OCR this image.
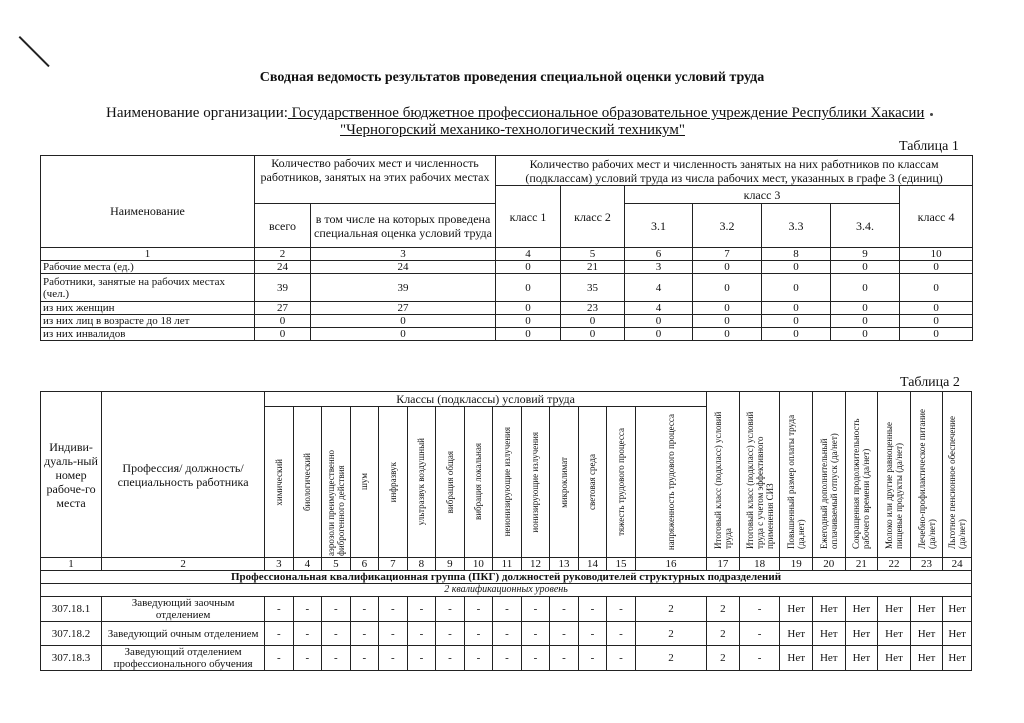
Сводная ведомость результатов проведения специальной оценки условий труда
Наименование организации: Государственное бюджетное профессиональное образовательное учреждение Республики Хакасии
"Черногорский механико-технологический техникум"
Таблица 1
Наименование	Количество рабочих мест и численность работников, занятых на этих рабочих местах		Количество рабочих мест и численность занятых на них работников по классам (подклассам) условий труда из числа рабочих мест, указанных в графе 3 (единиц)						
			класс 1	класс 2	класс 3				класс 4
	всего	в том числе на которых проведена специальная оценка условий труда			3.1	3.2	3.3	3.4.	
1	2	3	4	5	6	7	8	9	10
Рабочие места (ед.)	24	24	0	21	3	0	0	0	0
Работники, занятые на рабочих местах (чел.)	39	39	0	35	4	0	0	0	0
из них женщин	27	27	0	23	4	0	0	0	0
из них лиц в возрасте до 18 лет	0	0	0	0	0	0	0	0	0
из них инвалидов	0	0	0	0	0	0	0	0	0
Таблица 2
Индиви-дуаль-ный номер рабоче-го места	Профессия/ должность/ специальность работника	Классы (подклассы) условий труда														Итоговый класс (подкласс) условий труда	Итоговый класс (подкласс) условий труда с учетом эффективного применения СИЗ	Повышенный размер оплаты труда (да,нет)	Ежегодный дополнительный оплачиваемый отпуск (да/нет)	Сокращенная продолжительность рабочего времени (да/нет)	Молоко или другие равноценные пищевые продукты (да/нет)	Лечебно-профилактическое питание (да/нет)	Льготное пенсионное обеспечение (да/нет)

		химический	биологический	аэрозоли преимущественно фиброгенного действия	шум	инфразвук	ультразвук воздушный	вибрация общая	вибрация локальная	неионизирующие излучения	ионизирующие излучения	микроклимат	световая среда	тяжесть трудового процесса	напряженность трудового процесса								

1	2	3	4	5	6	7	8	9	10	11	12	13	14	15	16	17	18	19	20	21	22	23	24
Профессиональная квалификационная группа (ПКГ) должностей руководителей структурных подразделений																							
2 квалификационных уровень																							
307.18.1	Заведующий заочным отделением	-	-	-	-	-	-	-	-	-	-	-	-	-	2	2	-	Нет	Нет	Нет	Нет	Нет	Нет
307.18.2	Заведующий очным отделением	-	-	-	-	-	-	-	-	-	-	-	-	-	2	2	-	Нет	Нет	Нет	Нет	Нет	Нет
307.18.3	Заведующий отделением профессионального обучения	-	-	-	-	-	-	-	-	-	-	-	-	-	2	2	-	Нет	Нет	Нет	Нет	Нет	Нет
